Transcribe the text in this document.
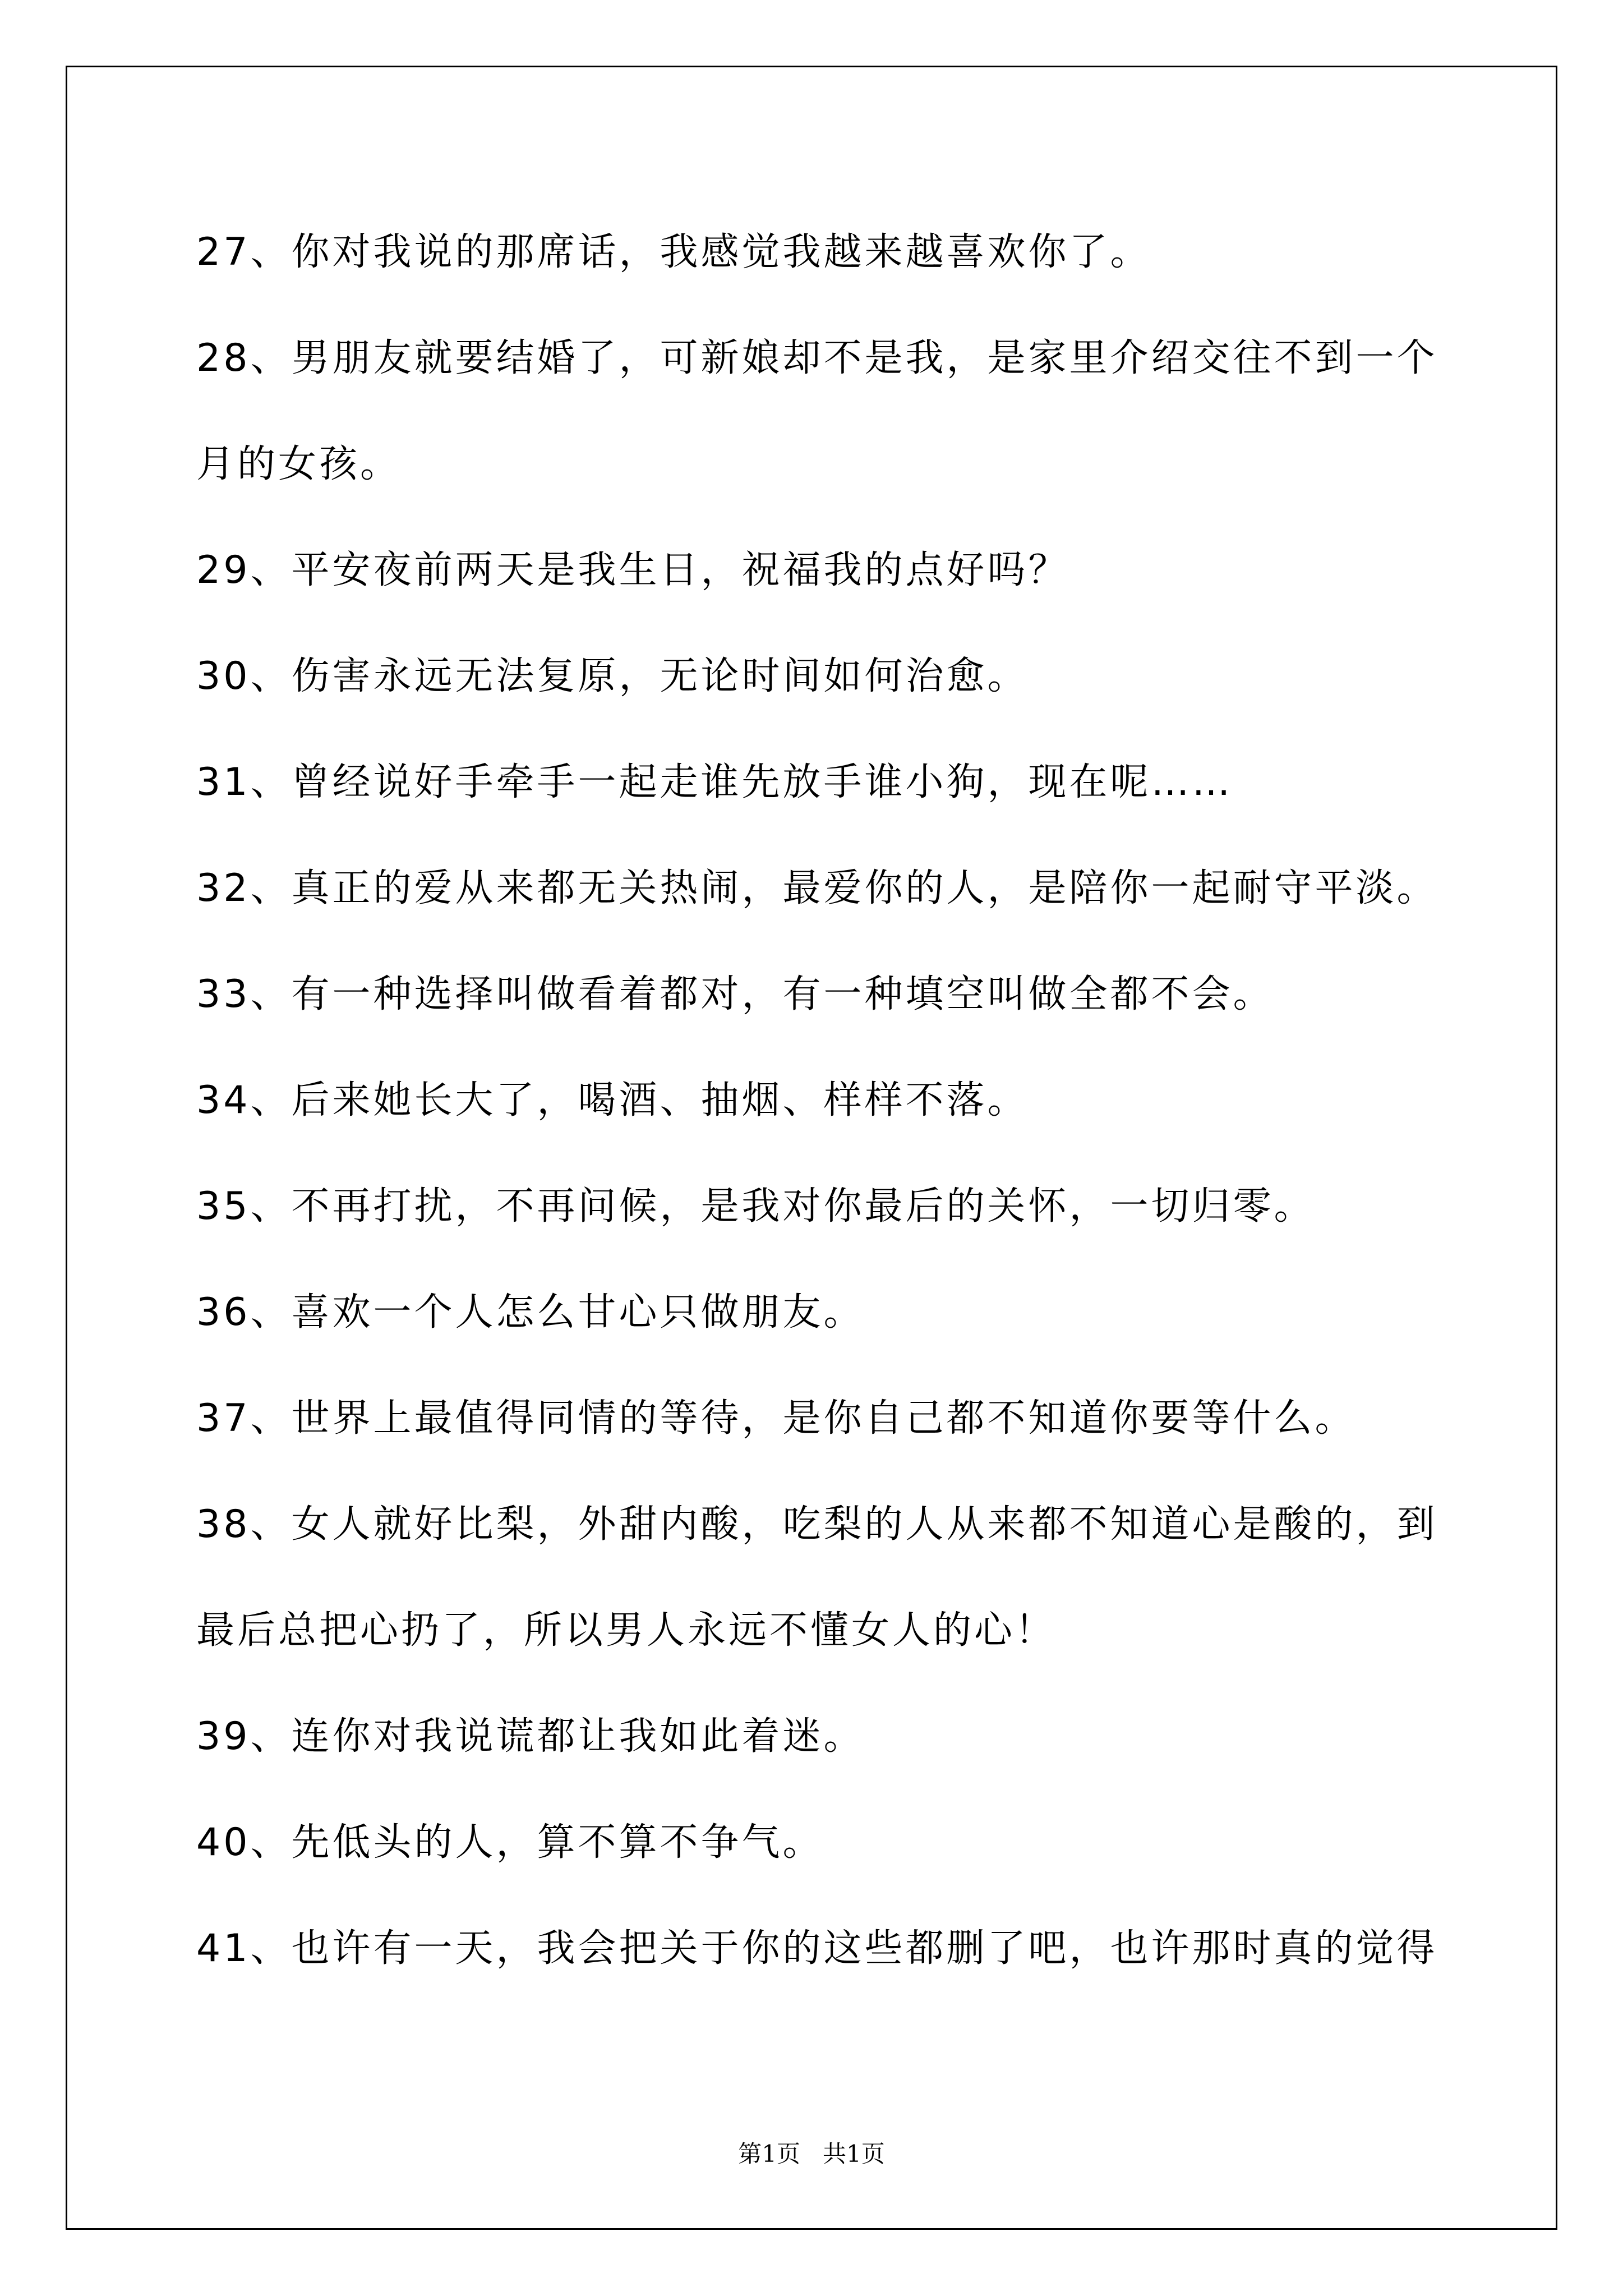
27、你对我说的那席话，我感觉我越来越喜欢你了。
28、男朋友就要结婚了，可新娘却不是我，是家里介绍交往不到一个
月的女孩。
29、平安夜前两天是我生日，祝福我的点好吗？
30、伤害永远无法复原，无论时间如何治愈。
31、曾经说好手牵手一起走谁先放手谁小狗，现在呢……
32、真正的爱从来都无关热闹，最爱你的人，是陪你一起耐守平淡。
33、有一种选择叫做看着都对，有一种填空叫做全都不会。
34、后来她长大了，喝酒、抽烟、样样不落。
35、不再打扰，不再问候，是我对你最后的关怀，一切归零。
36、喜欢一个人怎么甘心只做朋友。
37、世界上最值得同情的等待，是你自己都不知道你要等什么。
38、女人就好比梨，外甜内酸，吃梨的人从来都不知道心是酸的，到
最后总把心扔了，所以男人永远不懂女人的心！
39、连你对我说谎都让我如此着迷。
40、先低头的人，算不算不争气。
41、也许有一天，我会把关于你的这些都删了吧，也许那时真的觉得
第1页   共1页
